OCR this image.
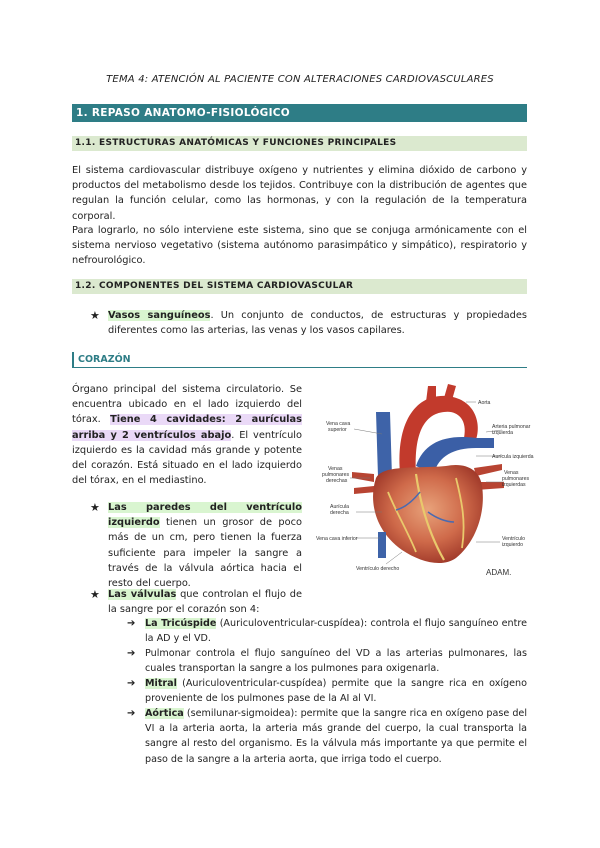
TEMA 4: ATENCIÓN AL PACIENTE CON ALTERACIONES CARDIOVASCULARES
1. REPASO ANATOMO-FISIOLÓGICO
1.1. ESTRUCTURAS ANATÓMICAS Y FUNCIONES PRINCIPALES
El sistema cardiovascular distribuye oxígeno y nutrientes y elimina dióxido de carbono y productos del metabolismo desde los tejidos. Contribuye con la distribución de agentes que regulan la función celular, como las hormonas, y con la regulación de la temperatura corporal.
Para lograrlo, no sólo interviene este sistema, sino que se conjuga armónicamente con el sistema nervioso vegetativo (sistema autónomo parasimpático y simpático), respiratorio y nefrourológico.
1.2. COMPONENTES DEL SISTEMA CARDIOVASCULAR
★ Vasos sanguíneos. Un conjunto de conductos, de estructuras y propiedades diferentes como las arterias, las venas y los vasos capilares.
CORAZÓN
Órgano principal del sistema circulatorio. Se encuentra ubicado en el lado izquierdo del tórax. Tiene 4 cavidades: 2 aurículas arriba y 2 ventrículos abajo. El ventrículo izquierdo es la cavidad más grande y potente del corazón. Está situado en el lado izquierdo del tórax, en el mediastino.
★ Las paredes del ventrículo izquierdo tienen un grosor de poco más de un cm, pero tienen la fuerza suficiente para impeler la sangre a través de la válvula aórtica hacia el resto del cuerpo.
★ Las válvulas que controlan el flujo de la sangre por el corazón son 4:
➔ La Tricúspide (Auriculoventricular-cuspídea): controla el flujo sanguíneo entre la AD y el VD.
➔ Pulmonar controla el flujo sanguíneo del VD a las arterias pulmonares, las cuales transportan la sangre a los pulmones para oxigenarla.
➔ Mitral (Auriculoventricular-cuspídea) permite que la sangre rica en oxígeno proveniente de los pulmones pase de la AI al VI.
➔ Aórtica (semilunar-sigmoidea): permite que la sangre rica en oxígeno pase del VI a la arteria aorta, la arteria más grande del cuerpo, la cual transporta la sangre al resto del organismo. Es la válvula más importante ya que permite el paso de la sangre a la arteria aorta, que irriga todo el cuerpo.
Aorta
Arteria pulmonar
izquierda
Vena cava
superior
Aurícula izquierda
Venas
pulmonares
derechas
Venas
pulmonares
izquierdas
Aurícula
derecha
Vena cava inferior	Ventrículo
izquierdo
Ventrículo derecho	ADAM.
